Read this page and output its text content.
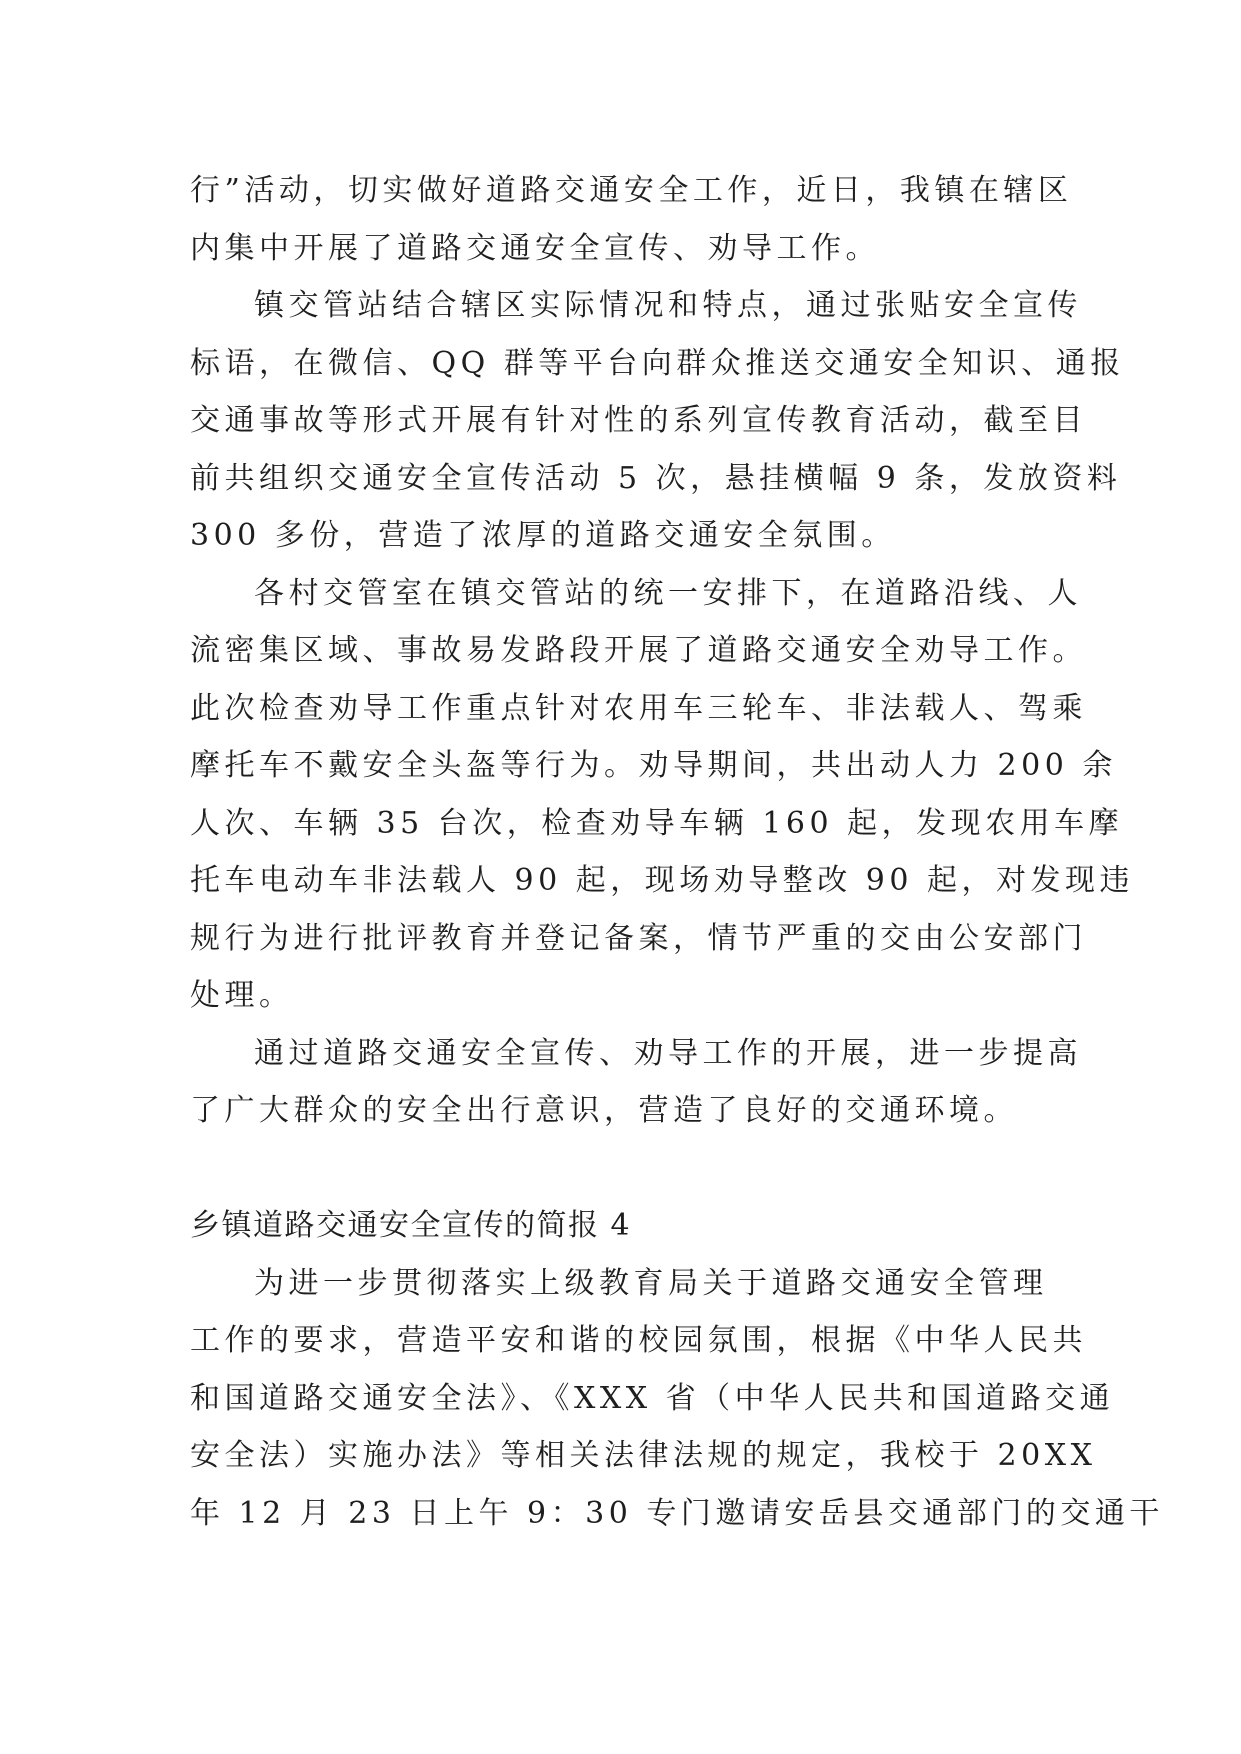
行”活动，切实做好道路交通安全工作，近日，我镇在辖区
内集中开展了道路交通安全宣传、劝导工作。
镇交管站结合辖区实际情况和特点，通过张贴安全宣传
标语，在微信、QQ 群等平台向群众推送交通安全知识、通报
交通事故等形式开展有针对性的系列宣传教育活动，截至目
前共组织交通安全宣传活动 5 次，悬挂横幅 9 条，发放资料
300 多份，营造了浓厚的道路交通安全氛围。
各村交管室在镇交管站的统一安排下，在道路沿线、人
流密集区域、事故易发路段开展了道路交通安全劝导工作。
此次检查劝导工作重点针对农用车三轮车、非法载人、驾乘
摩托车不戴安全头盔等行为。劝导期间，共出动人力 200 余
人次、车辆 35 台次，检查劝导车辆 160 起，发现农用车摩
托车电动车非法载人 90 起，现场劝导整改 90 起，对发现违
规行为进行批评教育并登记备案，情节严重的交由公安部门
处理。
通过道路交通安全宣传、劝导工作的开展，进一步提高
了广大群众的安全出行意识，营造了良好的交通环境。
乡镇道路交通安全宣传的简报 4
为进一步贯彻落实上级教育局关于道路交通安全管理
工作的要求，营造平安和谐的校园氛围，根据《中华人民共
和国道路交通安全法》、《XXX 省（中华人民共和国道路交通
安全法）实施办法》等相关法律法规的规定，我校于 20XX
年 12 月 23 日上午 9：30 专门邀请安岳县交通部门的交通干
